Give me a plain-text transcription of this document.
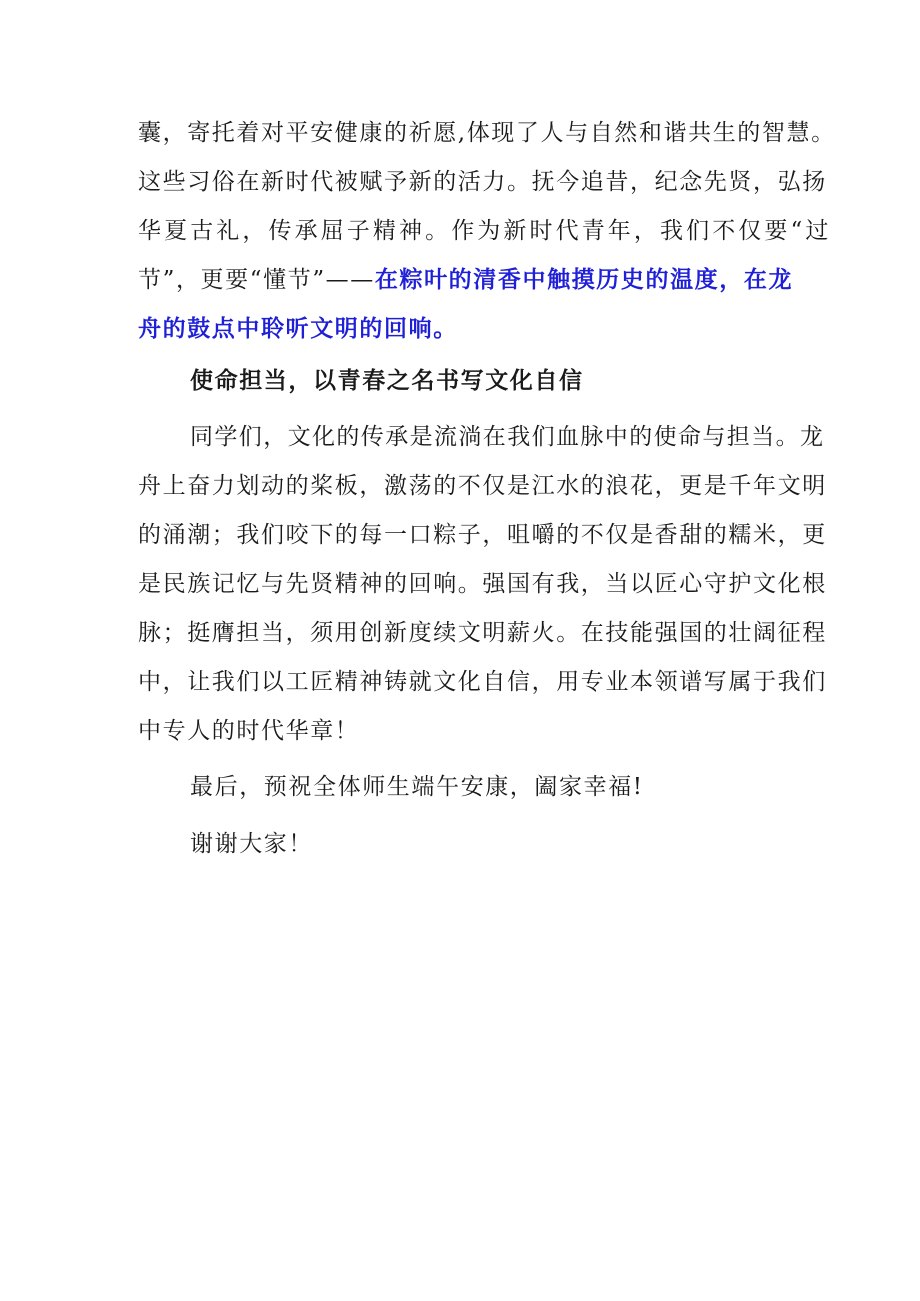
囊，寄托着对平安健康的祈愿,体现了人与自然和谐共生的智慧。
这些习俗在新时代被赋予新的活力。抚今追昔，纪念先贤，弘扬
华夏古礼，传承屈子精神。作为新时代青年，我们不仅要“过
节”，更要“懂节”——在粽叶的清香中触摸历史的温度，在龙
舟的鼓点中聆听文明的回响。
使命担当，以青春之名书写文化自信
同学们，文化的传承是流淌在我们血脉中的使命与担当。龙
舟上奋力划动的桨板，激荡的不仅是江水的浪花，更是千年文明
的涌潮；我们咬下的每一口粽子，咀嚼的不仅是香甜的糯米，更
是民族记忆与先贤精神的回响。强国有我，当以匠心守护文化根
脉；挺膺担当，须用创新度续文明薪火。在技能强国的壮阔征程
中，让我们以工匠精神铸就文化自信，用专业本领谱写属于我们
中专人的时代华章！
最后，预祝全体师生端午安康，阖家幸福!
谢谢大家！
